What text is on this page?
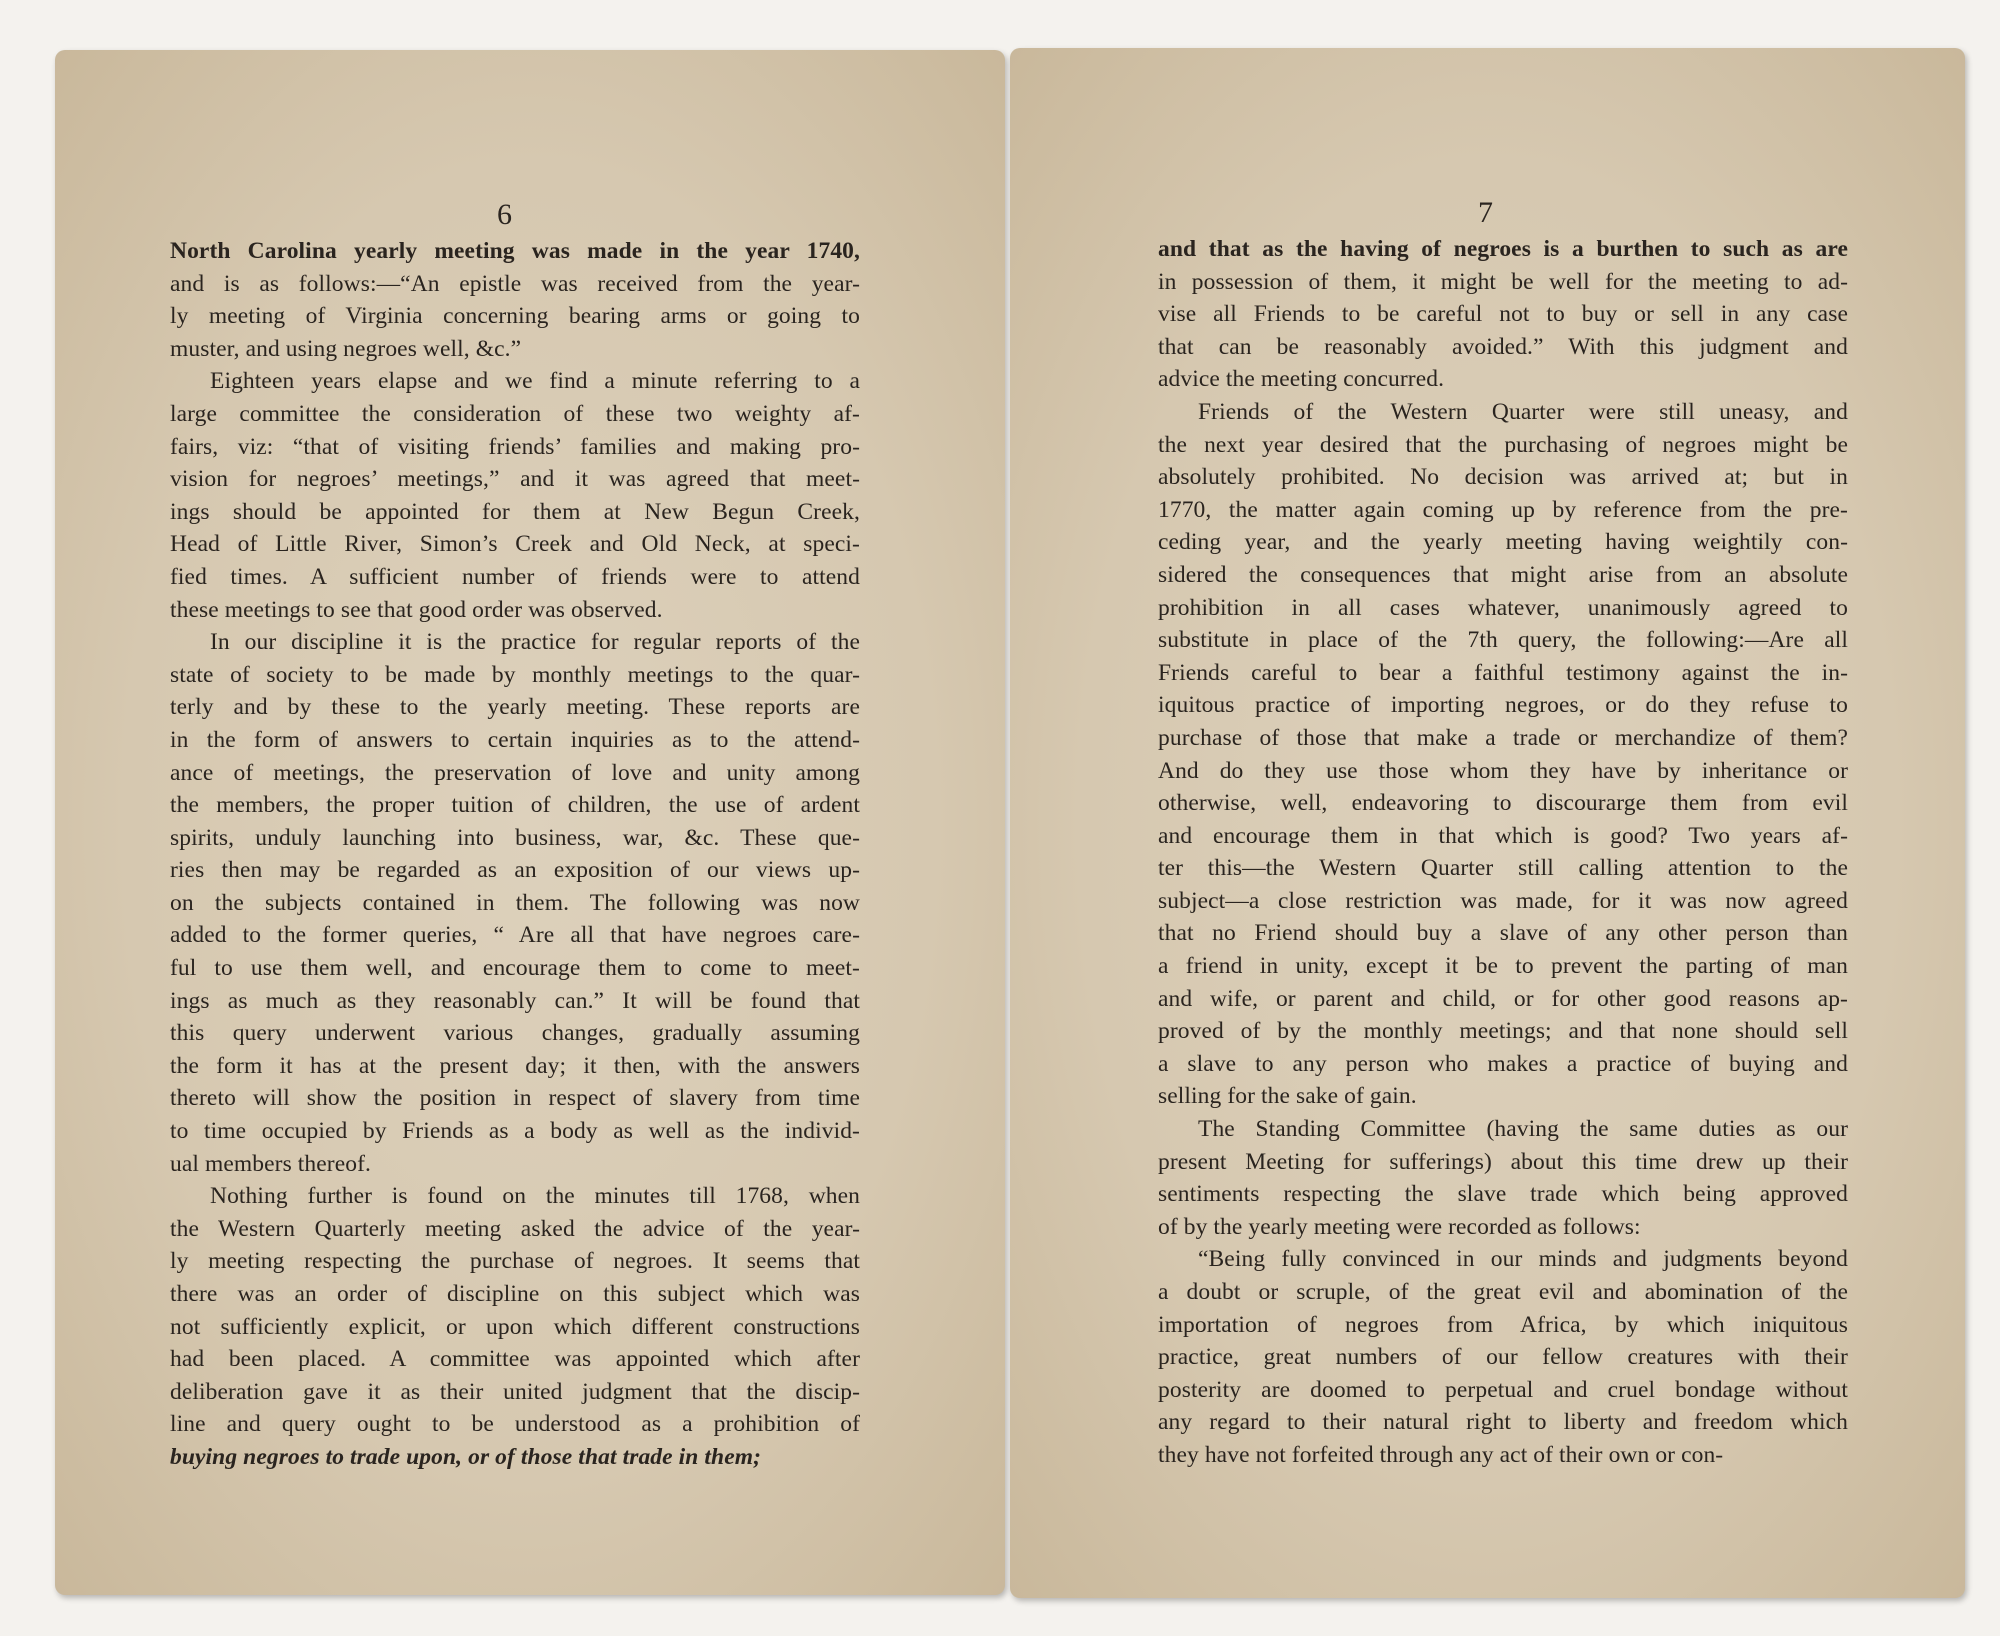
6
North Carolina yearly meeting was made in the year 1740,
and is as follows:—“An epistle was received from the year-
ly meeting of Virginia concerning bearing arms or going to
muster, and using negroes well, &c.”
Eighteen years elapse and we find a minute referring to a
large committee the consideration of these two weighty af-
fairs, viz: “that of visiting friends’ families and making pro-
vision for negroes’ meetings,” and it was agreed that meet-
ings should be appointed for them at New Begun Creek,
Head of Little River, Simon’s Creek and Old Neck, at speci-
fied times. A sufficient number of friends were to attend
these meetings to see that good order was observed.
In our discipline it is the practice for regular reports of the
state of society to be made by monthly meetings to the quar-
terly and by these to the yearly meeting. These reports are
in the form of answers to certain inquiries as to the attend-
ance of meetings, the preservation of love and unity among
the members, the proper tuition of children, the use of ardent
spirits, unduly launching into business, war, &c. These que-
ries then may be regarded as an exposition of our views up-
on the subjects contained in them. The following was now
added to the former queries, “ Are all that have negroes care-
ful to use them well, and encourage them to come to meet-
ings as much as they reasonably can.” It will be found that
this query underwent various changes, gradually assuming
the form it has at the present day; it then, with the answers
thereto will show the position in respect of slavery from time
to time occupied by Friends as a body as well as the individ-
ual members thereof.
Nothing further is found on the minutes till 1768, when
the Western Quarterly meeting asked the advice of the year-
ly meeting respecting the purchase of negroes. It seems that
there was an order of discipline on this subject which was
not sufficiently explicit, or upon which different constructions
had been placed. A committee was appointed which after
deliberation gave it as their united judgment that the discip-
line and query ought to be understood as a prohibition of
buying negroes to trade upon, or of those that trade in them;
7
and that as the having of negroes is a burthen to such as are
in possession of them, it might be well for the meeting to ad-
vise all Friends to be careful not to buy or sell in any case
that can be reasonably avoided.” With this judgment and
advice the meeting concurred.
Friends of the Western Quarter were still uneasy, and
the next year desired that the purchasing of negroes might be
absolutely prohibited. No decision was arrived at; but in
1770, the matter again coming up by reference from the pre-
ceding year, and the yearly meeting having weightily con-
sidered the consequences that might arise from an absolute
prohibition in all cases whatever, unanimously agreed to
substitute in place of the 7th query, the following:—Are all
Friends careful to bear a faithful testimony against the in-
iquitous practice of importing negroes, or do they refuse to
purchase of those that make a trade or merchandize of them?
And do they use those whom they have by inheritance or
otherwise, well, endeavoring to discourarge them from evil
and encourage them in that which is good? Two years af-
ter this—the Western Quarter still calling attention to the
subject—a close restriction was made, for it was now agreed
that no Friend should buy a slave of any other person than
a friend in unity, except it be to prevent the parting of man
and wife, or parent and child, or for other good reasons ap-
proved of by the monthly meetings; and that none should sell
a slave to any person who makes a practice of buying and
selling for the sake of gain.
The Standing Committee (having the same duties as our
present Meeting for sufferings) about this time drew up their
sentiments respecting the slave trade which being approved
of by the yearly meeting were recorded as follows:
“Being fully convinced in our minds and judgments beyond
a doubt or scruple, of the great evil and abomination of the
importation of negroes from Africa, by which iniquitous
practice, great numbers of our fellow creatures with their
posterity are doomed to perpetual and cruel bondage without
any regard to their natural right to liberty and freedom which
they have not forfeited through any act of their own or con-
